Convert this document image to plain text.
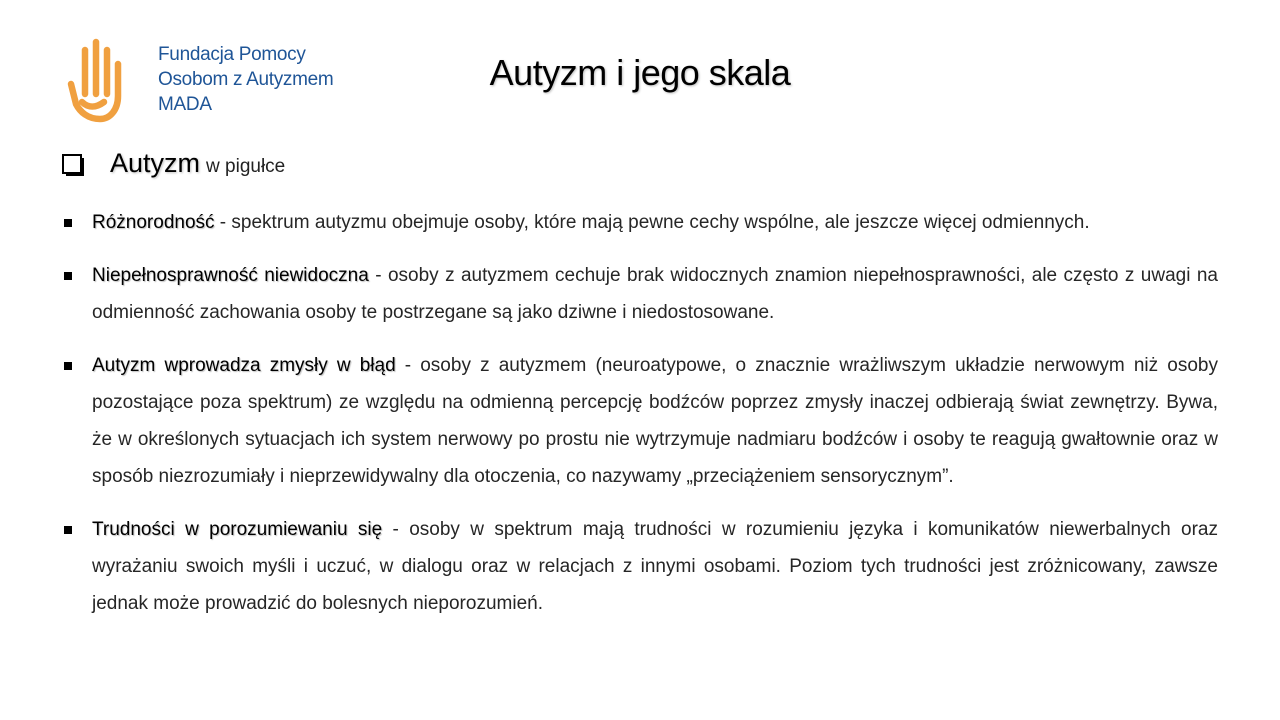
Fundacja Pomocy
Osobom z Autyzmem
MADA
Autyzm i jego skala
Autyzm w pigułce
Różnorodność - spektrum autyzmu obejmuje osoby, które mają pewne cechy wspólne, ale jeszcze więcej odmiennych.
Niepełnosprawność niewidoczna - osoby z autyzmem cechuje brak widocznych znamion niepełnosprawności, ale często z uwagi na odmienność zachowania osoby te postrzegane są jako dziwne i niedostosowane.
Autyzm wprowadza zmysły w błąd - osoby z autyzmem (neuroatypowe, o znacznie wrażliwszym układzie nerwowym niż osoby pozostające poza spektrum) ze względu na odmienną percepcję bodźców poprzez zmysły inaczej odbierają świat zewnętrzy. Bywa, że w określonych sytuacjach ich system nerwowy po prostu nie wytrzymuje nadmiaru bodźców i osoby te reagują gwałtownie oraz w sposób niezrozumiały i nieprzewidywalny dla otoczenia, co nazywamy „przeciążeniem sensorycznym”.
Trudności w porozumiewaniu się - osoby w spektrum mają trudności w rozumieniu języka i komunikatów niewerbalnych oraz wyrażaniu swoich myśli i uczuć, w dialogu oraz w relacjach z innymi osobami. Poziom tych trudności jest zróżnicowany, zawsze jednak może prowadzić do bolesnych nieporozumień.
